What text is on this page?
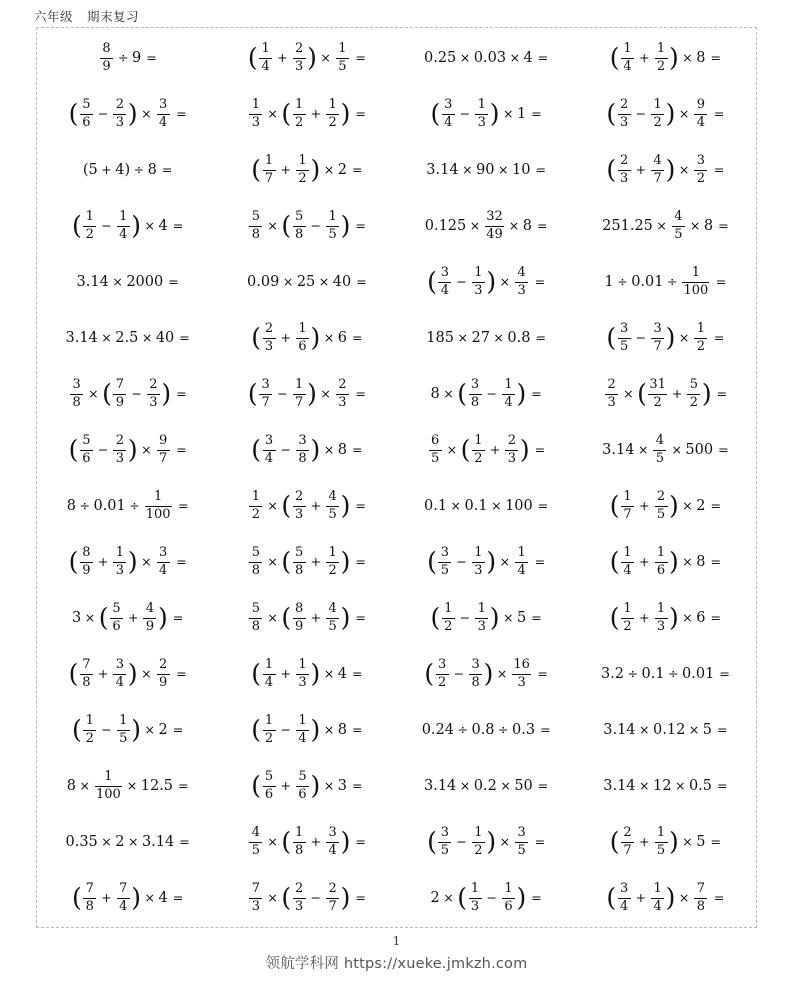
六年级 期末复习
$\frac{8}{9} \div 9$ =	( $\frac{1}{4} + \frac{2}{3}$ ) × $\frac{1}{5}$ =	0.25 × 0.03 × 4 = ( $\frac{1}{4} + \frac{1}{2}$ ) × 8 =
( $\frac{5}{6} - \frac{2}{3}$ ) × $\frac{3}{4}$ =	$\frac{1}{3}$ × ( $\frac{1}{2} + \frac{1}{2}$ ) =	( $\frac{3}{4} - \frac{1}{3}$ ) × 1 =	( $\frac{2}{3} - \frac{1}{2}$ ) × $\frac{9}{4}$ =
(5 + 4) ÷ 8 =	( $\frac{1}{7} + \frac{1}{2}$ ) × 2 =	3.14 × 90 × 10 = ( $\frac{2}{3} + \frac{4}{7}$ ) × $\frac{3}{2}$ =
( $\frac{1}{2} - \frac{1}{4}$ ) × 4 =	$\frac{5}{8}$ × ( $\frac{5}{8} - \frac{1}{5}$ ) =	$0.125 \times \frac{32}{49} \times 8$ =	$251.25 \times \frac{4}{5} \times 8$ =
3.14 × 2000 =	0.09 × 25 × 40 = ( $\frac{3}{4} - \frac{1}{3}$ ) × $\frac{4}{3}$ =	$1 \div 0.01 \div \frac{1}{100}$ =
3.14 × 2.5 × 40 = ( $\frac{2}{3} + \frac{1}{6}$ ) × 6 =	185 × 27 × 0.8 = ( $\frac{3}{5} - \frac{3}{7}$ ) × $\frac{1}{2}$ =
$\frac{3}{8}$ × ( $\frac{7}{9} - \frac{2}{3}$ ) = ( $\frac{3}{7} - \frac{1}{7}$ ) × $\frac{2}{3}$ =	8 × ( $\frac{3}{8} - \frac{1}{4}$ ) =	$\frac{2}{3}$ × ( $\frac{31}{2} + \frac{5}{2}$ ) =
( $\frac{5}{6} - \frac{2}{3}$ ) × $\frac{9}{7}$ =	( $\frac{3}{4} - \frac{3}{8}$ ) × 8 =	$\frac{6}{5}$ × ( $\frac{1}{2} + \frac{2}{3}$ ) =	$3.14 \times \frac{4}{5} \times 500$ =
$8 \div 0.01 \div \frac{1}{100}$ =	$\frac{1}{2}$ × ( $\frac{2}{3} + \frac{4}{5}$ ) =	0.1 × 0.1 × 100 = ( $\frac{1}{7} + \frac{2}{5}$ ) × 2 =
( $\frac{8}{9} + \frac{1}{3}$ ) × $\frac{3}{4}$ =	$\frac{5}{8}$ × ( $\frac{5}{8} + \frac{1}{2}$ ) = ( $\frac{3}{5} - \frac{1}{3}$ ) × $\frac{1}{4}$ =	( $\frac{1}{4} + \frac{1}{6}$ ) × 8 =
3 × ( $\frac{5}{6} + \frac{4}{9}$ ) =	$\frac{5}{8}$ × ( $\frac{8}{9} + \frac{4}{5}$ ) =	( $\frac{1}{2} - \frac{1}{3}$ ) × 5 =	( $\frac{1}{2} + \frac{1}{3}$ ) × 6 =
( $\frac{7}{8} + \frac{3}{4}$ ) × $\frac{2}{9}$ =	( $\frac{1}{4} + \frac{1}{3}$ ) × 4 = ( $\frac{3}{2} - \frac{3}{8}$ ) × $\frac{16}{3}$ =	3.2 ÷ 0.1 ÷ 0.01 =
( $\frac{1}{2} - \frac{1}{5}$ ) × 2 =	( $\frac{1}{2} - \frac{1}{4}$ ) × 8 =	0.24 ÷ 0.8 ÷ 0.3 =	3.14 × 0.12 × 5 =
$8 \times \frac{1}{100} \times 12.5$ =	( $\frac{5}{6} + \frac{5}{6}$ ) × 3 =	3.14 × 0.2 × 50 =	3.14 × 12 × 0.5 =
0.35 × 2 × 3.14 =	$\frac{4}{5}$ × ( $\frac{1}{8} + \frac{3}{4}$ ) = ( $\frac{3}{5} - \frac{1}{2}$ ) × $\frac{3}{5}$ =	( $\frac{2}{7} + \frac{1}{5}$ ) × 5 =
( $\frac{7}{8} + \frac{7}{4}$ ) × 4 =	$\frac{7}{3}$ × ( $\frac{2}{3} - \frac{2}{7}$ ) =	2 × ( $\frac{1}{3} - \frac{1}{6}$ ) =	( $\frac{3}{4} + \frac{1}{4}$ ) × $\frac{7}{8}$ =
1
领航学科网 https://xueke.jmkzh.com
